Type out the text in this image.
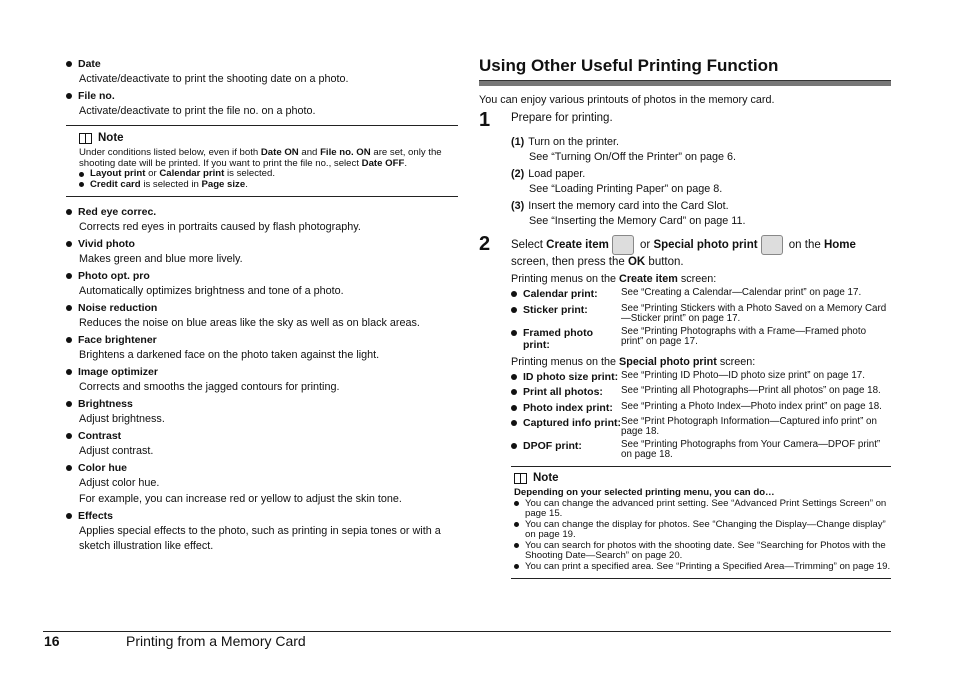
Date
Activate/deactivate to print the shooting date on a photo.
File no.
Activate/deactivate to print the file no. on a photo.
Note
Under conditions listed below, even if both Date ON and File no. ON are set, only the shooting date will be printed. If you want to print the file no., select Date OFF.
Layout print or Calendar print is selected.
Credit card is selected in Page size.
Red eye correc.
Corrects red eyes in portraits caused by flash photography.
Vivid photo
Makes green and blue more lively.
Photo opt. pro
Automatically optimizes brightness and tone of a photo.
Noise reduction
Reduces the noise on blue areas like the sky as well as on black areas.
Face brightener
Brightens a darkened face on the photo taken against the light.
Image optimizer
Corrects and smooths the jagged contours for printing.
Brightness
Adjust brightness.
Contrast
Adjust contrast.
Color hue
Adjust color hue.
For example, you can increase red or yellow to adjust the skin tone.
Effects
Applies special effects to the photo, such as printing in sepia tones or with a sketch illustration like effect.
Using Other Useful Printing Function
You can enjoy various printouts of photos in the memory card.
1	Prepare for printing.
(1) Turn on the printer.
See “Turning On/Off the Printer” on page 6.
(2) Load paper.
See “Loading Printing Paper” on page 8.
(3) Insert the memory card into the Card Slot.
See “Inserting the Memory Card” on page 11.
2	Select Create item or Special photo print on the Home
screen, then press the OK button.
Printing menus on the Create item screen:
Calendar print: See “Creating a Calendar—Calendar print” on page 17.
Sticker print:	See “Printing Stickers with a Photo Saved on a Memory Card—Sticker print” on page 17.
Framed photo print:
See “Printing Photographs with a Frame—Framed photo print” on page 17.
Printing menus on the Special photo print screen:
ID photo size print: See “Printing ID Photo—ID photo size print” on page 17.
Print all photos: See “Printing all Photographs—Print all photos” on page 18.
Photo index print: See “Printing a Photo Index—Photo index print” on page 18.
Captured info print: See “Print Photograph Information—Captured info print” on page 18.
DPOF print:	See “Printing Photographs from Your Camera—DPOF print” on page 18.
Note
Depending on your selected printing menu, you can do…
You can change the advanced print setting. See “Advanced Print Settings Screen” on page 15.
You can change the display for photos. See “Changing the Display—Change display” on page 19.
You can search for photos with the shooting date. See “Searching for Photos with the Shooting Date—Search” on page 20.
You can print a specified area. See “Printing a Specified Area—Trimming” on page 19.
16	Printing from a Memory Card
